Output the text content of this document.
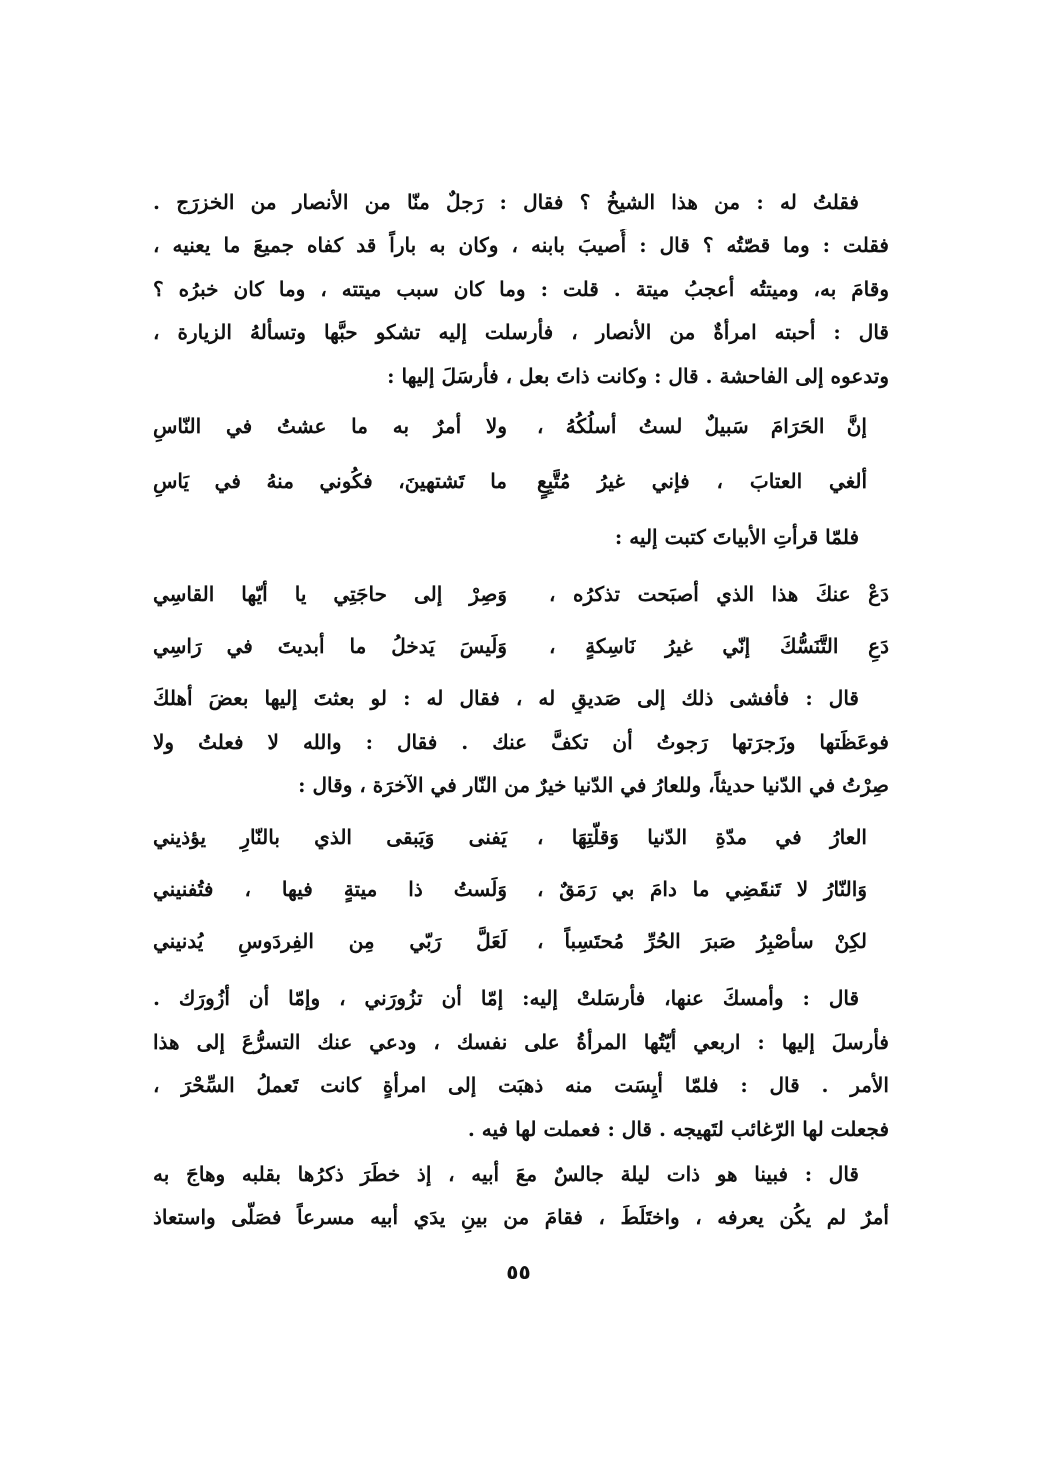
فقلتُ له : من هذا الشيخُ ؟ فقال : رَجلٌ منّا من الأنصار من الخزرَج .
فقلت : وما قصّتُه ؟ قال : أُصيبَ بابنه ، وكان به باراً قد كفاه جميعَ ما يعنيه ،
وقامَ به، وميتتُه أعجبُ ميتة . قلت : وما كان سبب ميتته ، وما كان خبرُه ؟
قال : أحبته امرأةٌ من الأنصار ، فأرسلت إليه تشكو حبَّها وتسألهُ الزيارة ،
وتدعوه إلى الفاحشة . قال : وكانت ذاتَ بعل ، فأرسَلَ إليها :
إنَّ الحَرَامَ سَبيلٌ لستُ أسلُكُهُ ،
ولا أمرٌ به ما عشتُ في النّاسِ
ألغي العتابَ ، فإني غيرُ مُتَّبِعٍ
ما تَشتهينَ، فكُوني منهُ في يَاسِ
فلمّا قرأتِ الأبياتَ كتبت إليه :
دَعْ عنكَ هذا الذي أصبَحت تذكرُه ،
وَصِرْ إلى حاجَتِي يا أيّها القاسِي
دَعِ التَّنَسُّكَ إنّي غيرُ نَاسِكةٍ ،
وَلَيسَ يَدخلُ ما أبديتَ في رَاسِي
قال : فأفشى ذلك إلى صَديقٍ له ، فقال له : لو بعثتَ إليها بعضَ أهلكَ
فوعَظَتها وزَجرَتها رَجوتُ أن تكفَّ عنك . فقال : والله لا فعلتُ ولا
صِرْتُ في الدّنيا حديثاً، وللعارُ في الدّنيا خيرٌ من النّار في الآخرَة ، وقال :
العارُ في مدّةِ الدّنيا وَقلّتِهَا ،
يَفنى وَيَبقى الذي بالنّارِ يؤذيني
وَالنّارُ لا تَنقَضِي ما دامَ بي رَمَقٌ ،
وَلَستُ ذا ميتةٍ فيها ، فتُفنيني
لكِنْ سأصْبِرُ صَبرَ الحُرِّ مُحتَسِباً ،
لَعَلَّ رَبّي مِن الفِردَوسِ يُدنيني
قال : وأمسكَ عنها، فأرسَلتْ إليه: إمّا أن تزُورَني ، وإمّا أن أزُورَك .
فأرسلَ إليها : اربعي أيّتُها المرأةُ على نفسك ، ودعي عنك التسرُّعَ إلى هذا
الأمر . قال : فلمّا أيِسَت منه ذهبَت إلى امرأةٍ كانت تَعملُ السِّحْرَ ،
فجعلت لها الرّغائب لتَهيجه . قال : فعملت لها فيه .
قال : فبينا هو ذات ليلة جالسٌ معَ أبيه ، إذ خطَرَ ذكرُها بقلبه وهاجَ به
أمرٌ لم يكُن يعرفه ، واختَلَطَ ، فقامَ من بينِ يدَي أبيه مسرعاً فصَلّى واستعاذ
٥٥
